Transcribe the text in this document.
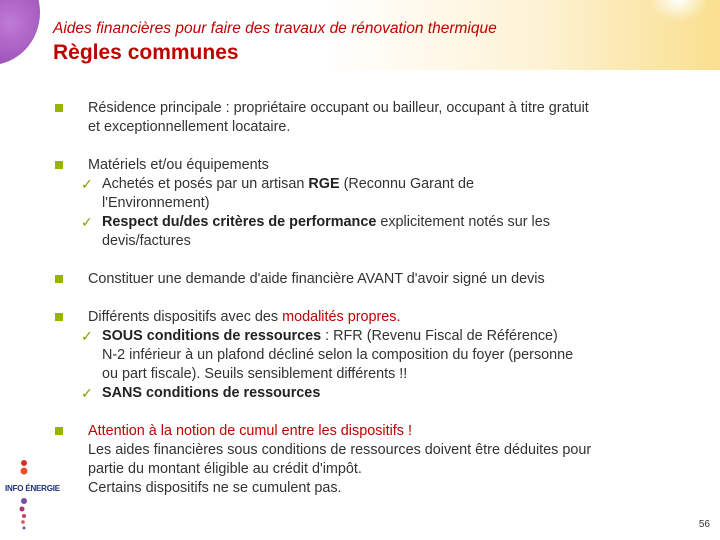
Aides financières pour faire des travaux de rénovation thermique
Règles communes
Résidence principale : propriétaire occupant ou bailleur, occupant à titre gratuit
et exceptionnellement locataire.
Matériels et/ou équipements
✓ Achetés et posés par un artisan RGE (Reconnu Garant de
l'Environnement)
✓ Respect du/des critères de performance explicitement notés sur les
devis/factures
Constituer une demande d'aide financière AVANT d'avoir signé un devis
Différents dispositifs avec des modalités propres.
✓ SOUS conditions de ressources : RFR (Revenu Fiscal de Référence)
N-2 inférieur à un plafond décliné selon la composition du foyer (personne
ou part fiscale). Seuils sensiblement différents !!
✓ SANS conditions de ressources
Attention à la notion de cumul entre les dispositifs !
Les aides financières sous conditions de ressources doivent être déduites pour
partie du montant éligible au crédit d'impôt.
Certains dispositifs ne se cumulent pas.
INFO ÉNERGIE
56
